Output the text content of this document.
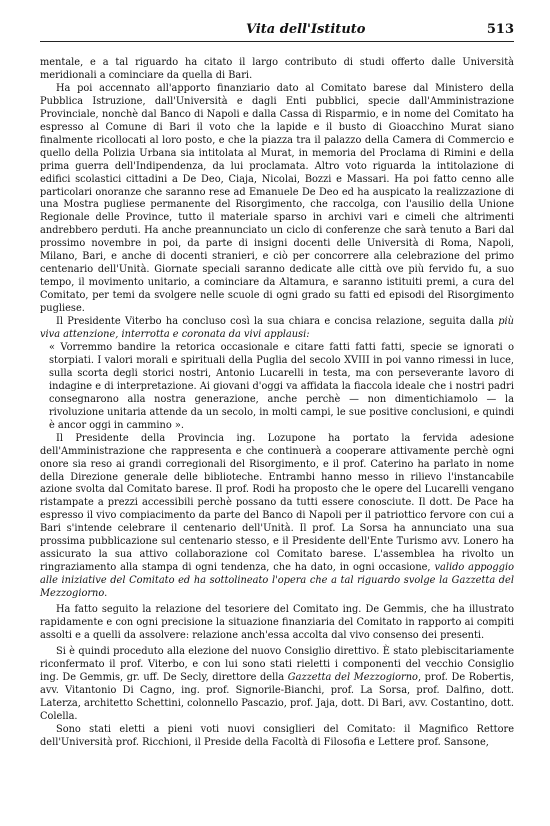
Vita dell'Istituto	513

mentale, e a tal riguardo ha citato il largo contributo di studi offerto dalle Università meridionali a cominciare da quella di Bari.

Ha poi accennato all'apporto finanziario dato al Comitato barese dal Ministero della Pubblica Istruzione, dall'Università e dagli Enti pubblici, specie dall'Amministrazione Provinciale, nonchè dal Banco di Napoli e dalla Cassa di Risparmio, e in nome del Comitato ha espresso al Comune di Bari il voto che la lapide e il busto di Gioacchino Murat siano finalmente ricollocati al loro posto, e che la piazza tra il palazzo della Camera di Commercio e quello della Polizia Urbana sia intitolata al Murat, in memoria del Proclama di Rimini e della prima guerra dell'Indipendenza, da lui proclamata. Altro voto riguarda la intitolazione di edifici scolastici cittadini a De Deo, Ciaja, Nicolai, Bozzi e Massari. Ha poi fatto cenno alle particolari onoranze che saranno rese ad Emanuele De Deo ed ha auspicato la realizzazione di una Mostra pugliese permanente del Risorgimento, che raccolga, con l'ausilio della Unione Regionale delle Province, tutto il materiale sparso in archivi vari e cimeli che altrimenti andrebbero perduti. Ha anche preannunciato un ciclo di conferenze che sarà tenuto a Bari dal prossimo novembre in poi, da parte di insigni docenti delle Università di Roma, Napoli, Milano, Bari, e anche di docenti stranieri, e ciò per concorrere alla celebrazione del primo centenario dell'Unità. Giornate speciali saranno dedicate alle città ove più fervido fu, a suo tempo, il movimento unitario, a cominciare da Altamura, e saranno istituiti premi, a cura del Comitato, per temi da svolgere nelle scuole di ogni grado su fatti ed episodi del Risorgimento pugliese.

Il Presidente Viterbo ha concluso così la sua chiara e concisa relazione, seguita dalla più viva attenzione, interrotta e coronata da vivi applausi:

« Vorremmo bandire la retorica occasionale e citare fatti fatti fatti, specie se ignorati o storpiati. I valori morali e spirituali della Puglia del secolo XVIII in poi vanno rimessi in luce, sulla scorta degli storici nostri, Antonio Lucarelli in testa, ma con perseverante lavoro di indagine e di interpretazione. Ai giovani d'oggi va affidata la fiaccola ideale che i nostri padri consegnarono alla nostra generazione, anche perchè — non dimentichiamolo — la rivoluzione unitaria attende da un secolo, in molti campi, le sue positive conclusioni, e quindi è ancor oggi in cammino ».

Il Presidente della Provincia ing. Lozupone ha portato la fervida adesione dell'Amministrazione che rappresenta e che continuerà a cooperare attivamente perchè ogni onore sia reso ai grandi corregionali del Risorgimento, e il prof. Caterino ha parlato in nome della Direzione generale delle biblioteche. Entrambi hanno messo in rilievo l'instancabile azione svolta dal Comitato barese. Il prof. Rodi ha proposto che le opere del Lucarelli vengano ristampate a prezzi accessibili perchè possano da tutti essere conosciute. Il dott. De Pace ha espresso il vivo compiacimento da parte del Banco di Napoli per il patriottico fervore con cui a Bari s'intende celebrare il centenario dell'Unità. Il prof. La Sorsa ha annunciato una sua prossima pubblicazione sul centenario stesso, e il Presidente dell'Ente Turismo avv. Lonero ha assicurato la sua attivo collaborazione col Comitato barese. L'assemblea ha rivolto un ringraziamento alla stampa di ogni tendenza, che ha dato, in ogni occasione, valido appoggio alle iniziative del Comitato ed ha sottolineato l'opera che a tal riguardo svolge la Gazzetta del Mezzogiorno.

Ha fatto seguito la relazione del tesoriere del Comitato ing. De Gemmis, che ha illustrato rapidamente e con ogni precisione la situazione finanziaria del Comitato in rapporto ai compiti assolti e a quelli da assolvere: relazione anch'essa accolta dal vivo consenso dei presenti.

Si è quindi proceduto alla elezione del nuovo Consiglio direttivo. È stato plebiscitariamente riconfermato il prof. Viterbo, e con lui sono stati rieletti i componenti del vecchio Consiglio ing. De Gemmis, gr. uff. De Secly, direttore della Gazzetta del Mezzogiorno, prof. De Robertis, avv. Vitantonio Di Cagno, ing. prof. Signorile-Bianchi, prof. La Sorsa, prof. Dalfino, dott. Laterza, architetto Schettini, colonnello Pascazio, prof. Jaja, dott. Di Bari, avv. Costantino, dott. Colella.

Sono stati eletti a pieni voti nuovi consiglieri del Comitato: il Magnifico Rettore dell'Università prof. Ricchioni, il Preside della Facoltà di Filosofia e Lettere prof. Sansone,
